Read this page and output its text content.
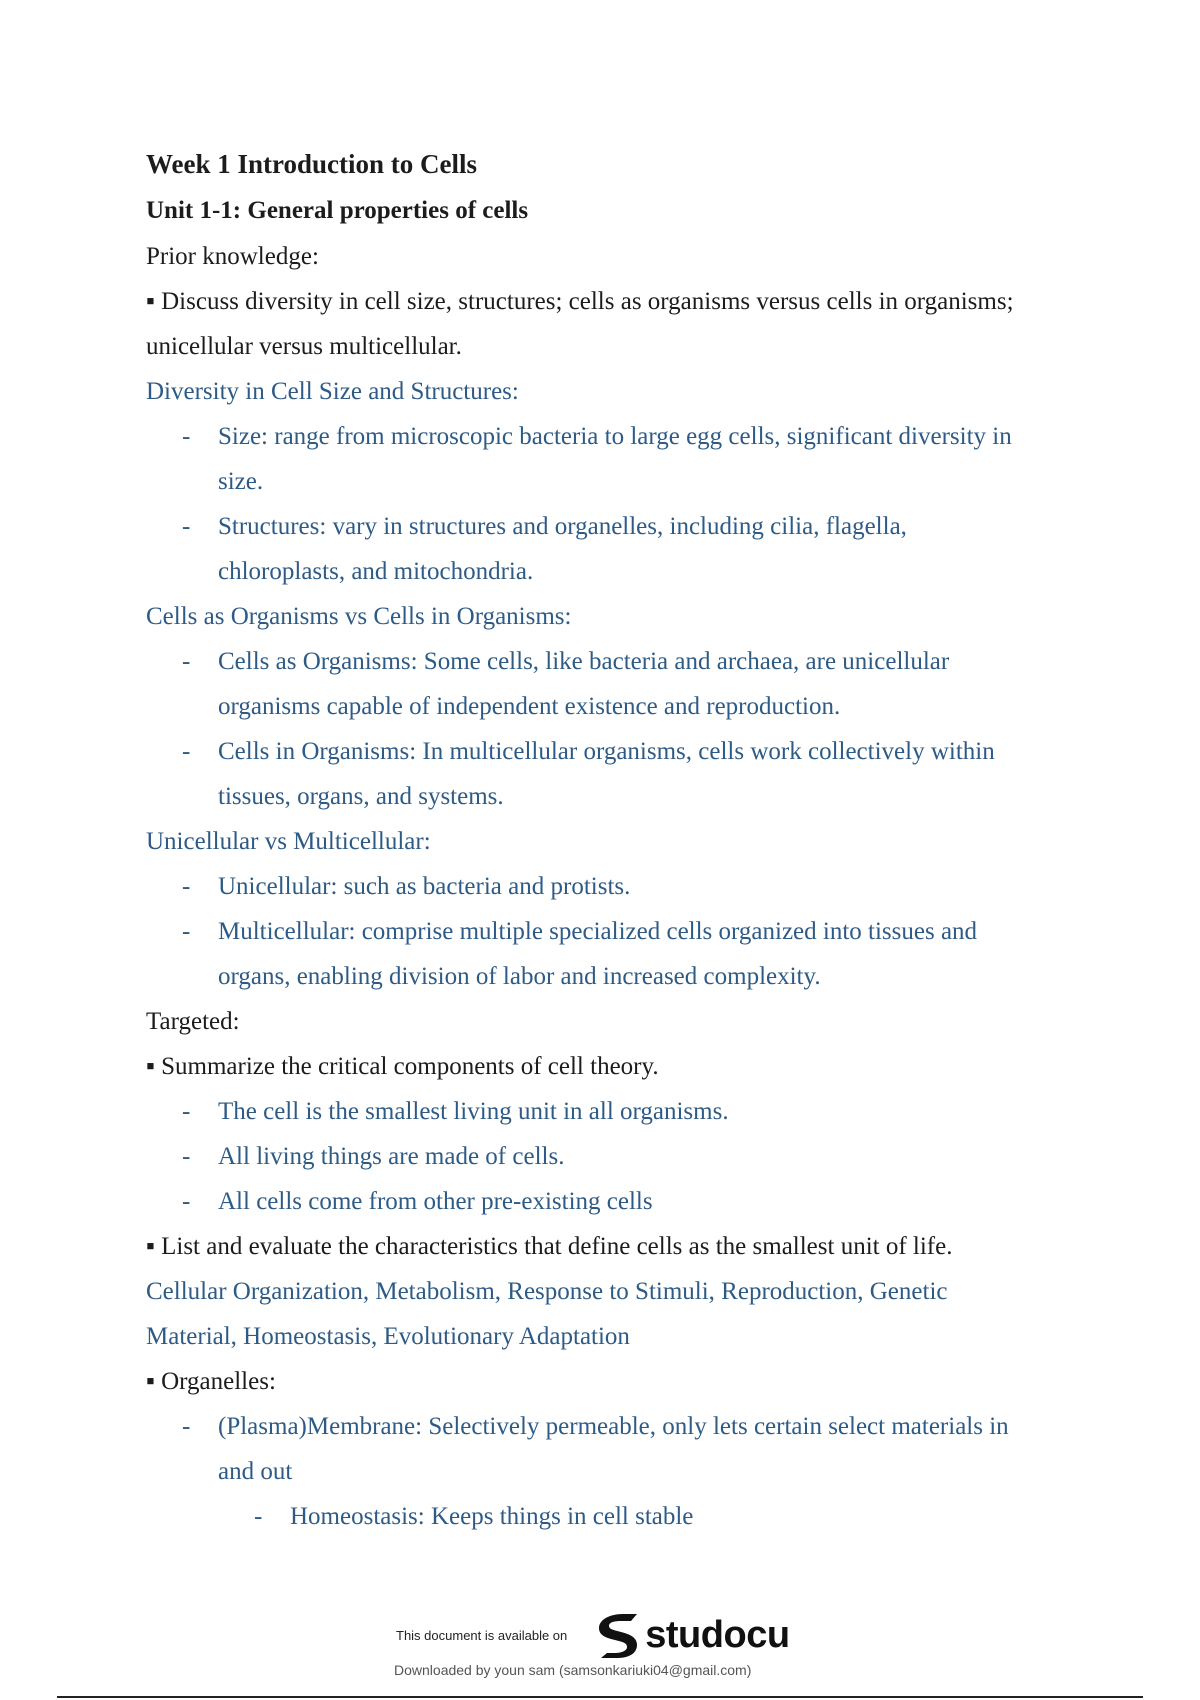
Week 1 Introduction to Cells
Unit 1-1: General properties of cells
Prior knowledge:
▪ Discuss diversity in cell size, structures; cells as organisms versus cells in organisms;
unicellular versus multicellular.
Diversity in Cell Size and Structures:
-	Size: range from microscopic bacteria to large egg cells, significant diversity in
size.
-	Structures: vary in structures and organelles, including cilia, flagella,
chloroplasts, and mitochondria.
Cells as Organisms vs Cells in Organisms:
-	Cells as Organisms: Some cells, like bacteria and archaea, are unicellular
organisms capable of independent existence and reproduction.
-	Cells in Organisms: In multicellular organisms, cells work collectively within
tissues, organs, and systems.
Unicellular vs Multicellular:
-	Unicellular: such as bacteria and protists.
-	Multicellular: comprise multiple specialized cells organized into tissues and
organs, enabling division of labor and increased complexity.
Targeted:
▪ Summarize the critical components of cell theory.
-	The cell is the smallest living unit in all organisms.
-	All living things are made of cells.
-	All cells come from other pre-existing cells
▪ List and evaluate the characteristics that define cells as the smallest unit of life.
Cellular Organization, Metabolism, Response to Stimuli, Reproduction, Genetic
Material, Homeostasis, Evolutionary Adaptation
▪ Organelles:
-	(Plasma)Membrane: Selectively permeable, only lets certain select materials in
and out
-	Homeostasis: Keeps things in cell stable
This document is available on studocu
Downloaded by youn sam (samsonkariuki04@gmail.com)
